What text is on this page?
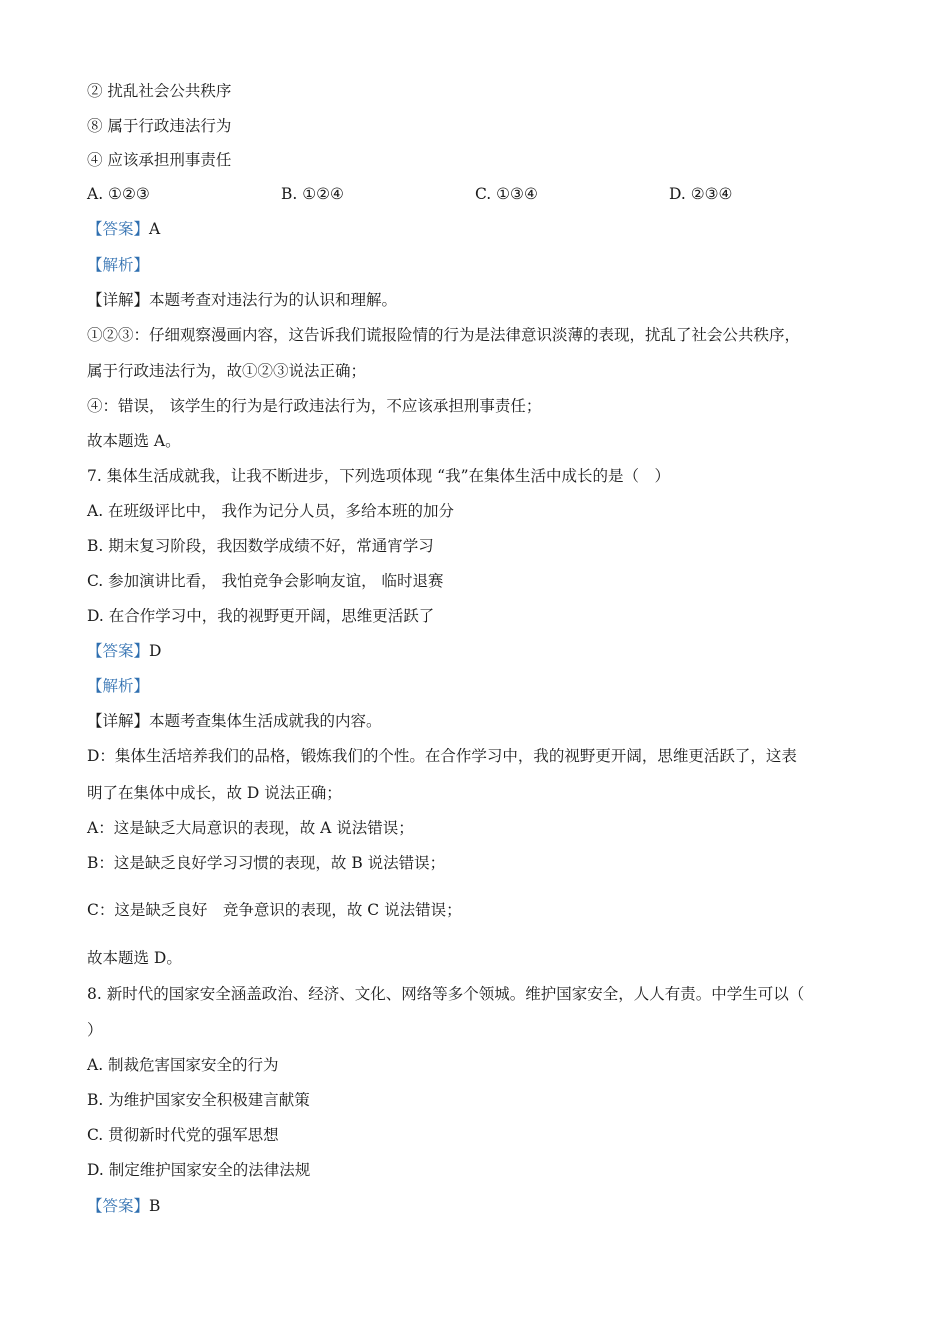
② 扰乱社会公共秩序
⑧ 属于行政违法行为
④ 应该承担刑事责任
A. ①②③	B. ①②④	C. ①③④	D. ②③④
【答案】A
【解析】
【详解】本题考查对违法行为的认识和理解。
①②③：仔细观察漫画内容，这告诉我们谎报险情的行为是法律意识淡薄的表现，扰乱了社会公共秩序，
属于行政违法行为，故①②③说法正确；
④：错误， 该学生的行为是行政违法行为，不应该承担刑事责任；
故本题选 A。
7. 集体生活成就我，让我不断进步，下列选项体现 “我”在集体生活中成长的是（　）
A. 在班级评比中， 我作为记分人员，多给本班的加分
B. 期末复习阶段，我因数学成绩不好，常通宵学习
C. 参加演讲比看， 我怕竞争会影响友谊， 临时退赛
D. 在合作学习中，我的视野更开阔，思维更活跃了
【答案】D
【解析】
【详解】本题考查集体生活成就我的内容。
D：集体生活培养我们的品格，锻炼我们的个性。在合作学习中，我的视野更开阔，思维更活跃了，这表
明了在集体中成长，故 D 说法正确；
A：这是缺乏大局意识的表现，故 A 说法错误；
B：这是缺乏良好学习习惯的表现，故 B 说法错误；
C：这是缺乏良好　竞争意识的表现，故 C 说法错误；
故本题选 D。
8. 新时代的国家安全涵盖政治、经济、文化、网络等多个领城。维护国家安全，人人有责。中学生可以（
）
A. 制裁危害国家安全的行为
B. 为维护国家安全积极建言献策
C. 贯彻新时代党的强军思想
D. 制定维护国家安全的法律法规
【答案】B
